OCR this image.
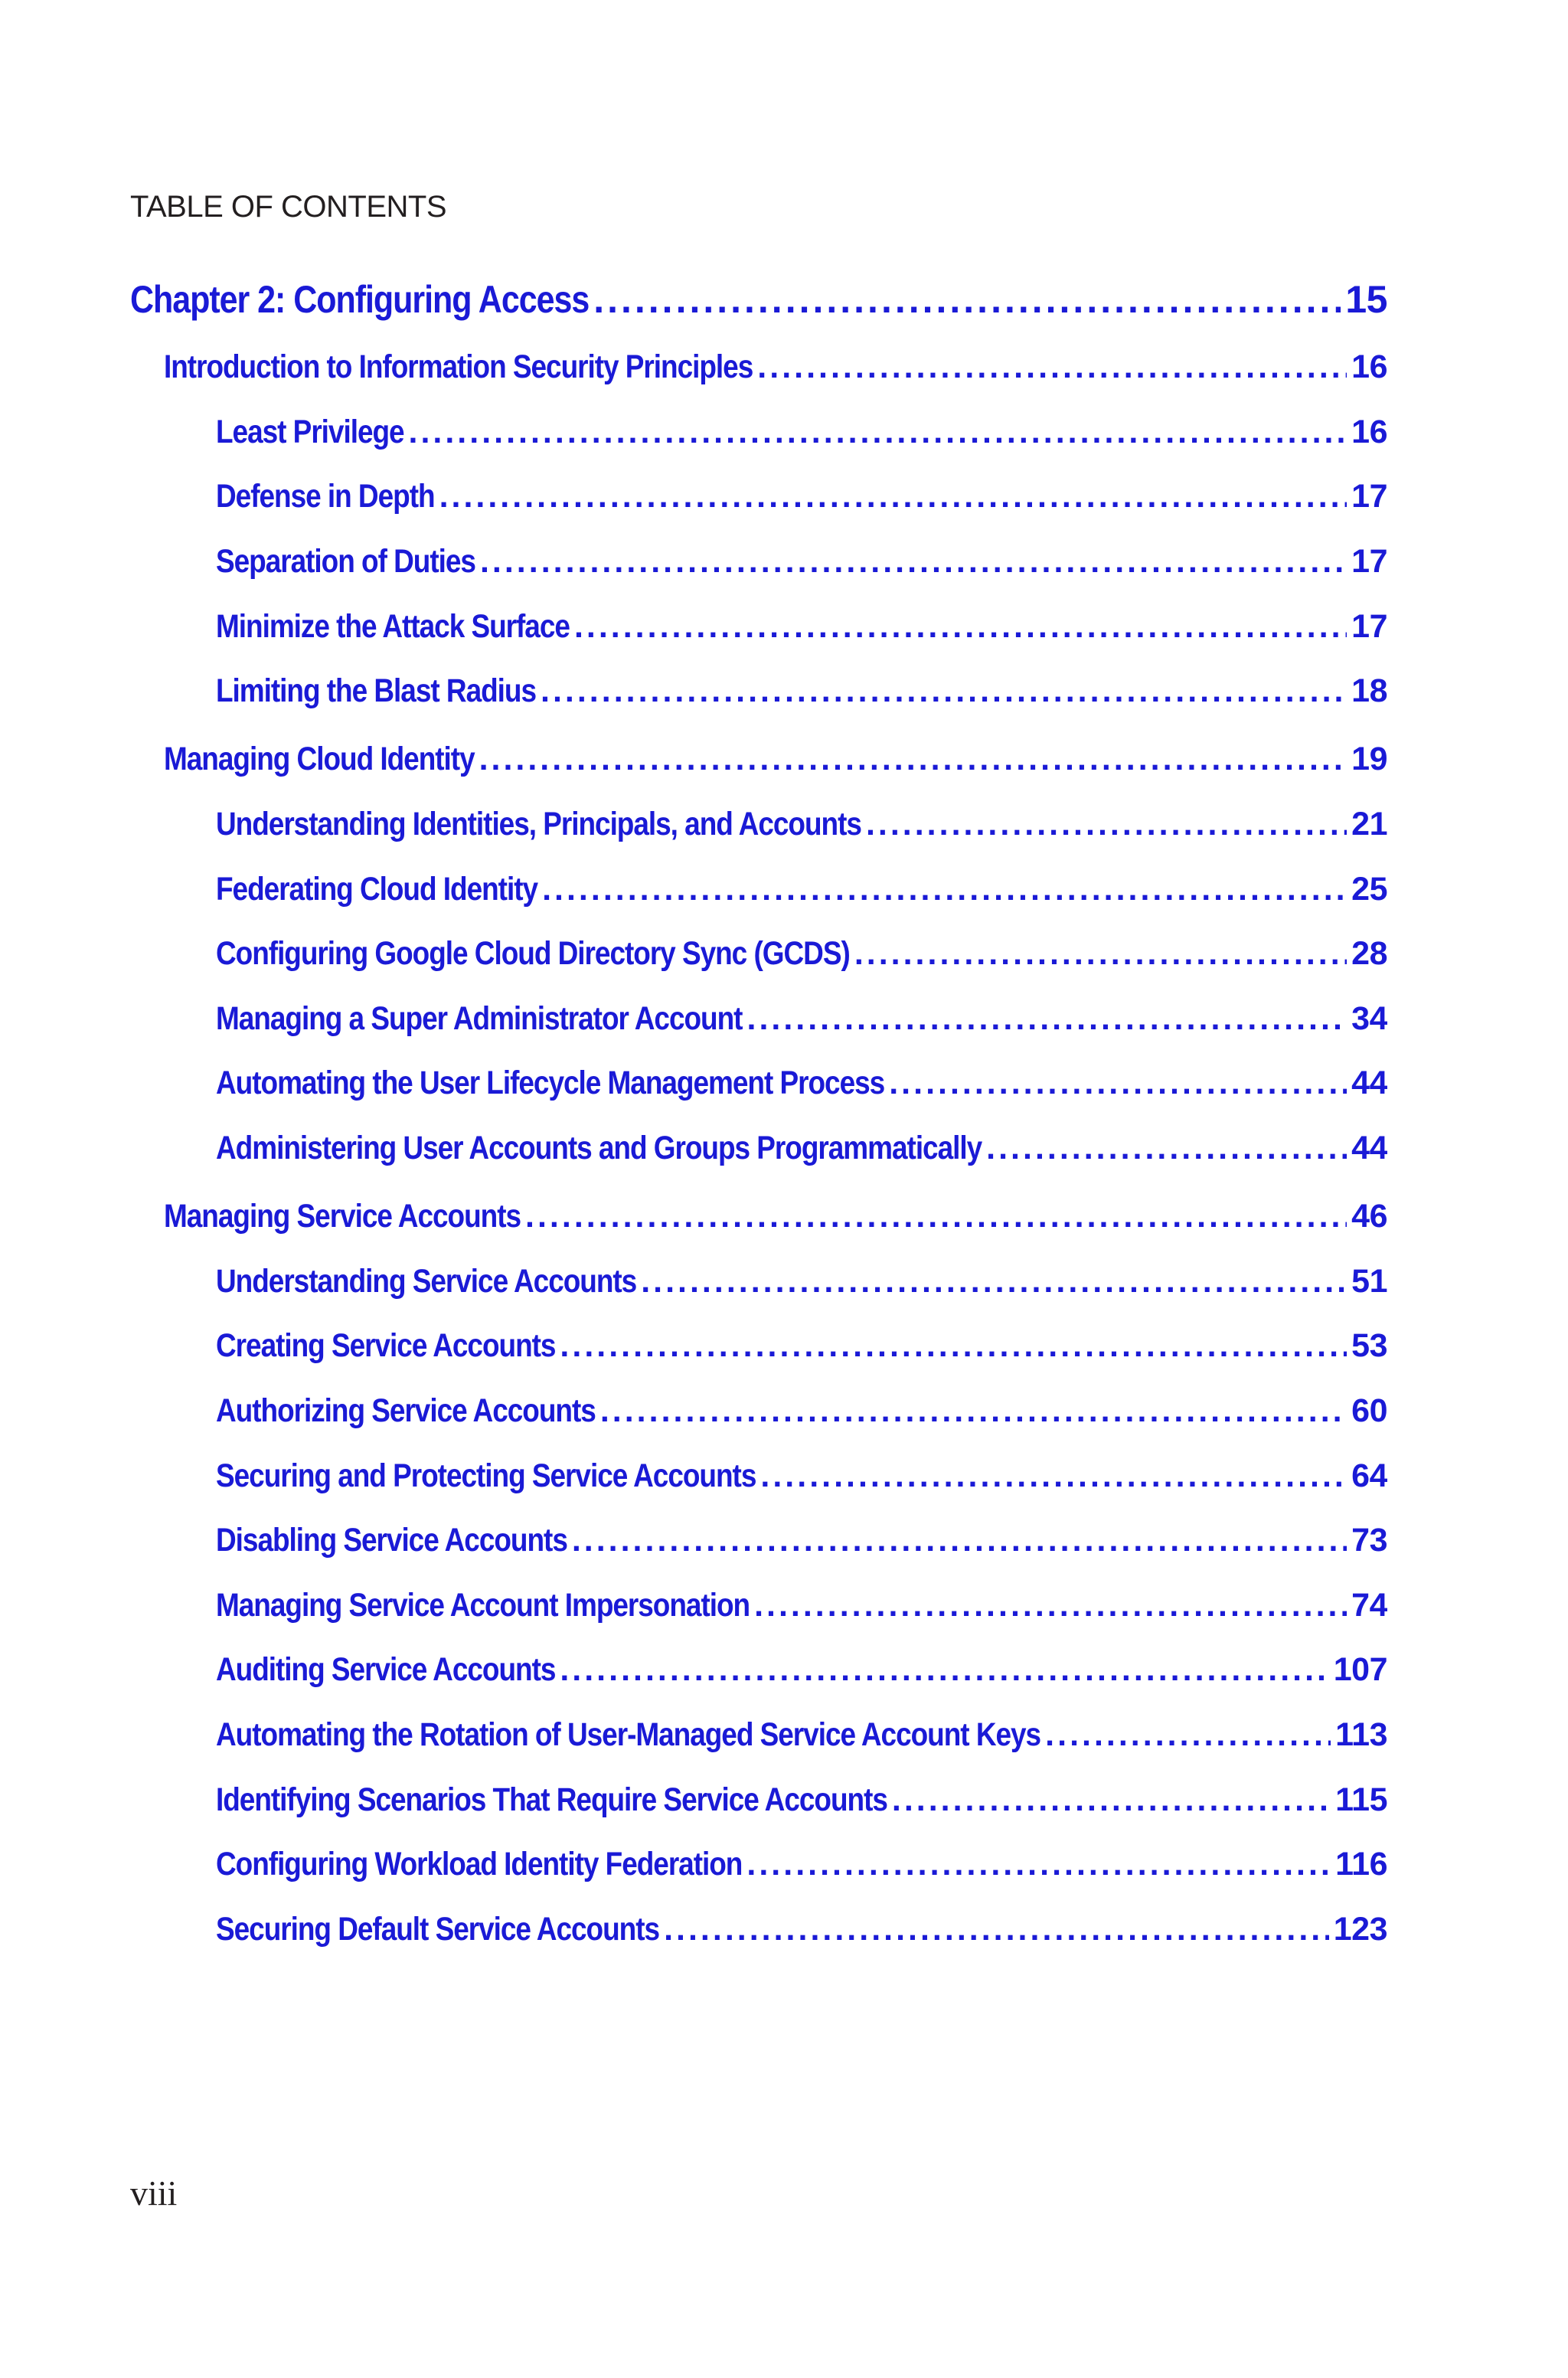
TABLE OF CONTENTS
Chapter 2: Configuring Access .....	15
Introduction to Information Security Principles .....	16
Least Privilege .....	16
Defense in Depth .....	17
Separation of Duties .....	17
Minimize the Attack Surface .....	17
Limiting the Blast Radius .....	18
Managing Cloud Identity .....	19
Understanding Identities, Principals, and Accounts .....	21
Federating Cloud Identity .....	25
Configuring Google Cloud Directory Sync (GCDS) .....	28
Managing a Super Administrator Account .....	34
Automating the User Lifecycle Management Process .....	44
Administering User Accounts and Groups Programmatically .....	44
Managing Service Accounts .....	46
Understanding Service Accounts .....	51
Creating Service Accounts .....	53
Authorizing Service Accounts .....	60
Securing and Protecting Service Accounts .....	64
Disabling Service Accounts .....	73
Managing Service Account Impersonation .....	74
Auditing Service Accounts .....	107
Automating the Rotation of User-Managed Service Account Keys .....	113
Identifying Scenarios That Require Service Accounts .....	115
Configuring Workload Identity Federation .....	116
Securing Default Service Accounts .....	123
viii
